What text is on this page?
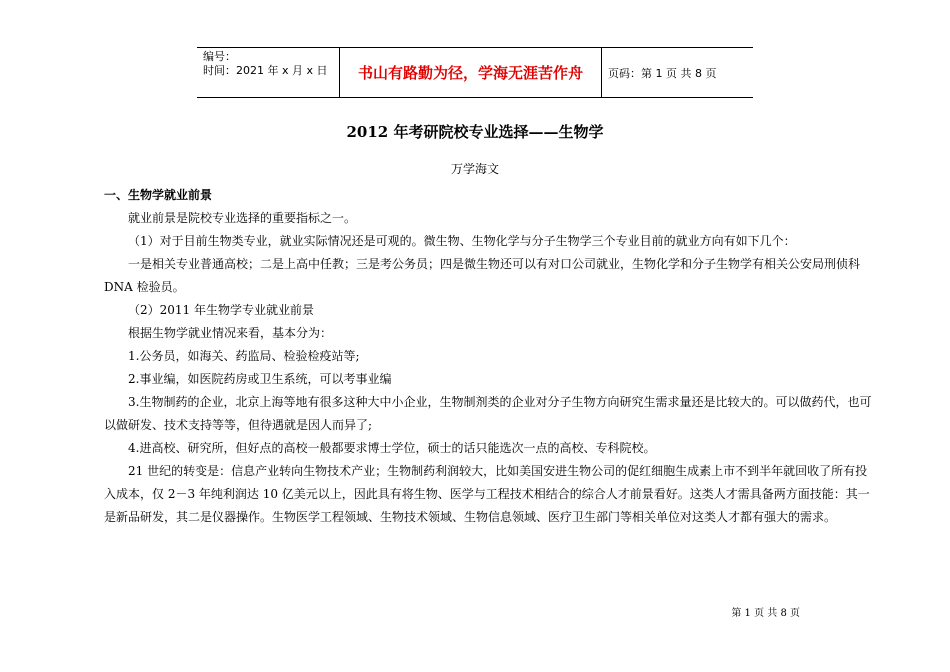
编号：
时间：2021 年 x 月 x 日	书山有路勤为径，学海无涯苦作舟	页码：第 1 页 共 8 页
2012 年考研院校专业选择——生物学
万学海文

一、生物学就业前景

就业前景是院校专业选择的重要指标之一。

（1）对于目前生物类专业，就业实际情况还是可观的。微生物、生物化学与分子生物学三个专业目前的就业方向有如下几个：

一是相关专业普通高校；二是上高中任教；三是考公务员；四是微生物还可以有对口公司就业，生物化学和分子生物学有相关公安局刑侦科 DNA 检验员。

（2）2011 年生物学专业就业前景

根据生物学就业情况来看，基本分为：

1.公务员，如海关、药监局、检验检疫站等;

2.事业编，如医院药房或卫生系统，可以考事业编

3.生物制药的企业，北京上海等地有很多这种大中小企业，生物制剂类的企业对分子生物方向研究生需求量还是比较大的。可以做药代，也可以做研发、技术支持等等，但待遇就是因人而异了;

4.进高校、研究所，但好点的高校一般都要求博士学位，硕士的话只能选次一点的高校、专科院校。

21 世纪的转变是：信息产业转向生物技术产业；生物制药利润较大，比如美国安进生物公司的促红细胞生成素上市不到半年就回收了所有投入成本，仅 2－3 年纯利润达 10 亿美元以上，因此具有将生物、医学与工程技术相结合的综合人才前景看好。这类人才需具备两方面技能：其一是新品研发，其二是仪器操作。生物医学工程领域、生物技术领域、生物信息领域、医疗卫生部门等相关单位对这类人才都有强大的需求。

第 1 页 共 8 页
